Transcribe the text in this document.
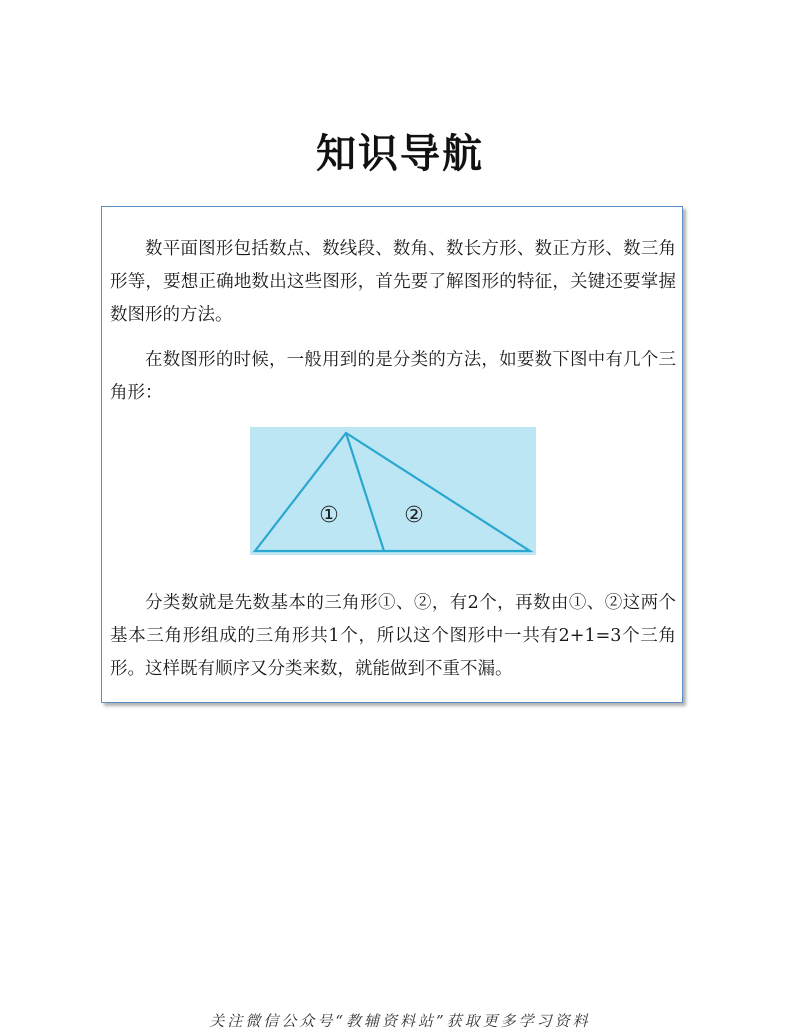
知识导航

数平面图形包括数点、数线段、数角、数长方形、数正方形、数三角形等，要想正确地数出这些图形，首先要了解图形的特征，关键还要掌握数图形的方法。

在数图形的时候，一般用到的是分类的方法，如要数下图中有几个三角形：

①	②

分类数就是先数基本的三角形①、②，有2个，再数由①、②这两个基本三角形组成的三角形共1个，所以这个图形中一共有2+1=3个三角形。这样既有顺序又分类来数，就能做到不重不漏。

关注微信公众号“教辅资料站”获取更多学习资料
